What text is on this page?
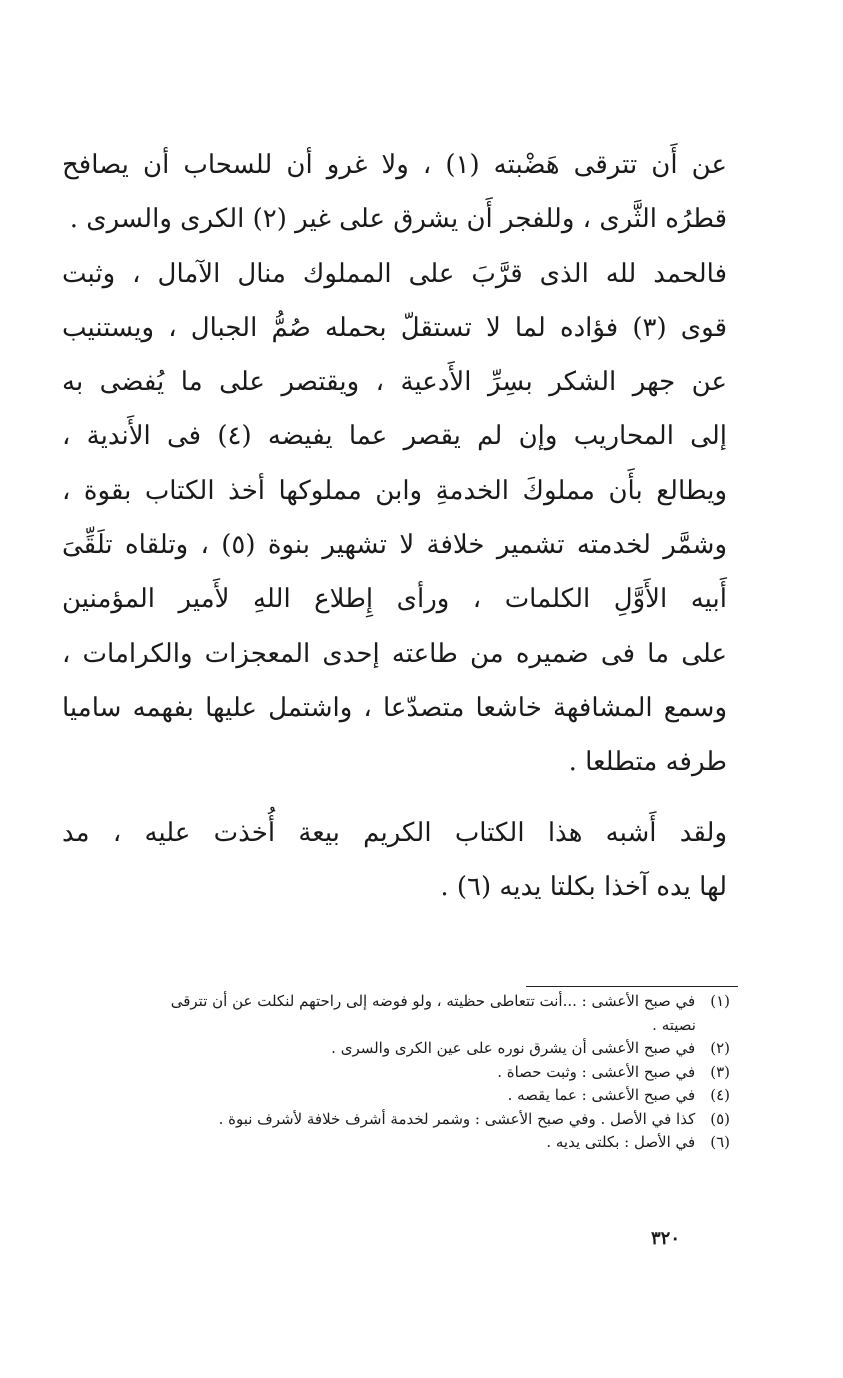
عن أَن تترقى هَضْبته (١) ، ولا غرو أن للسحاب أن يصافح
قطرُه الثَّرى ، وللفجر أَن يشرق على غير (٢) الكرى والسرى .
فالحمد لله الذى قرَّبَ على المملوك منال الآمال ، وثبت
قوى (٣) فؤاده لما لا تستقلّ بحمله صُمُّ الجبال ، ويستنيب
عن جهر الشكر بسِرِّ الأَدعية ، ويقتصر على ما يُفضى به
إلى المحاريب وإن لم يقصر عما يفيضه (٤) فى الأَندية ،
ويطالع بأَن مملوكَ الخدمةِ وابن مملوكها أخذ الكتاب بقوة ،
وشمَّر لخدمته تشمير خلافة لا تشهير بنوة (٥) ، وتلقاه تلَقِّىَ
أَبيه الأَوَّلِ الكلمات ، ورأى إِطلاع اللهِ لأَمير المؤمنين
على ما فى ضميره من طاعته إحدى المعجزات والكرامات ،
وسمع المشافهة خاشعا متصدّعا ، واشتمل عليها بفهمه ساميا
طرفه متطلعا .
ولقد أَشبه هذا الكتاب الكريم بيعة أُخذت عليه ، مد
لها يده آخذا بكلتا يديه (٦) .
(١) في صبح الأعشى : ...أنت تتعاطى حظيته ، ولو فوضه إلى راحتهم لنكلت عن أن تترقى
نصيته .
(٢) في صبح الأعشى أن يشرق نوره على عين الكرى والسرى .
(٣) في صبح الأعشى : وثبت حصاة .
(٤) في صبح الأعشى : عما يقصه .
(٥) كذا في الأصل . وفي صبح الأعشى : وشمر لخدمة أشرف خلافة لأشرف نبوة .
(٦) في الأصل : بكلتى يديه .
٣٢٠
